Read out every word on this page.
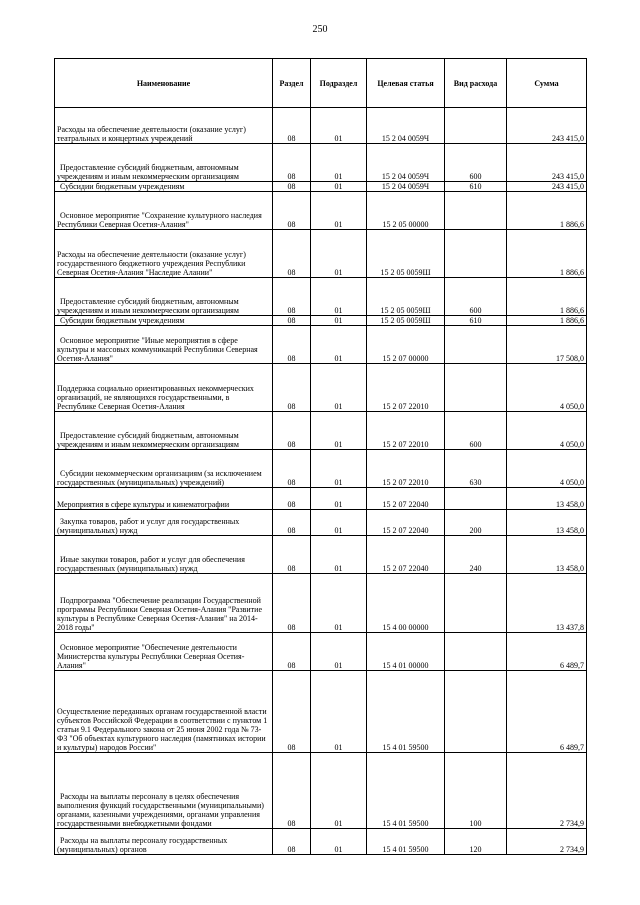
250
Наименование	Раздел	Подраздел	Целевая статья	Вид расхода	Сумма
Расходы на обеспечение деятельности (оказание услуг) театральных и концертных учреждений	08	01	15 2 04 0059Ч		243 415,0
Предоставление субсидий бюджетным, автономным учреждениям и иным некоммерческим организациям	08	01	15 2 04 0059Ч	600	243 415,0
Субсидии бюджетным учреждениям	08	01	15 2 04 0059Ч	610	243 415,0
Основное мероприятие "Сохранение культурного наследия Республики Северная Осетия-Алания"	08	01	15 2 05 00000		1 886,6
Расходы на обеспечение деятельности (оказание услуг) государственного бюджетного учреждения Республики Северная Осетия-Алания "Наследие Алании"	08	01	15 2 05 0059Ш		1 886,6
Предоставление субсидий бюджетным, автономным учреждениям и иным некоммерческим организациям	08	01	15 2 05 0059Ш	600	1 886,6
Субсидии бюджетным учреждениям	08	01	15 2 05 0059Ш	610	1 886,6
Основное мероприятие "Иные мероприятия в сфере культуры и массовых коммуникаций Республики Северная Осетия-Алания"	08	01	15 2 07 00000		17 508,0
Поддержка социально ориентированных некоммерческих организаций, не являющихся государственными, в Республике Северная Осетия-Алания	08	01	15 2 07 22010		4 050,0
Предоставление субсидий бюджетным, автономным учреждениям и иным некоммерческим организациям	08	01	15 2 07 22010	600	4 050,0
Субсидии некоммерческим организациям (за исключением государственных (муниципальных) учреждений)	08	01	15 2 07 22010	630	4 050,0
Мероприятия в сфере культуры и кинематографии	08	01	15 2 07 22040		13 458,0
Закупка товаров, работ и услуг для государственных (муниципальных) нужд	08	01	15 2 07 22040	200	13 458,0
Иные закупки товаров, работ и услуг для обеспечения государственных (муниципальных) нужд	08	01	15 2 07 22040	240	13 458,0
Подпрограмма "Обеспечение реализации Государственной программы Республики Северная Осетия-Алания "Развитие культуры в Республике Северная Осетия-Алания" на 2014-2018 годы"	08	01	15 4 00 00000		13 437,8
Основное мероприятие "Обеспечение деятельности Министерства культуры Республики Северная Осетия-Алания"	08	01	15 4 01 00000		6 489,7
Осуществление переданных органам государственной власти субъектов Российской Федерации в соответствии с пунктом 1 статьи 9.1 Федерального закона от 25 июня 2002 года № 73-ФЗ "Об объектах культурного наследия (памятниках истории и культуры) народов России"	08	01	15 4 01 59500		6 489,7
Расходы на выплаты персоналу в целях обеспечения выполнения функций государственными (муниципальными) органами, казенными учреждениями, органами управления государственными внебюджетными фондами	08	01	15 4 01 59500	100	2 734,9
Расходы на выплаты персоналу государственных (муниципальных) органов	08	01	15 4 01 59500	120	2 734,9
